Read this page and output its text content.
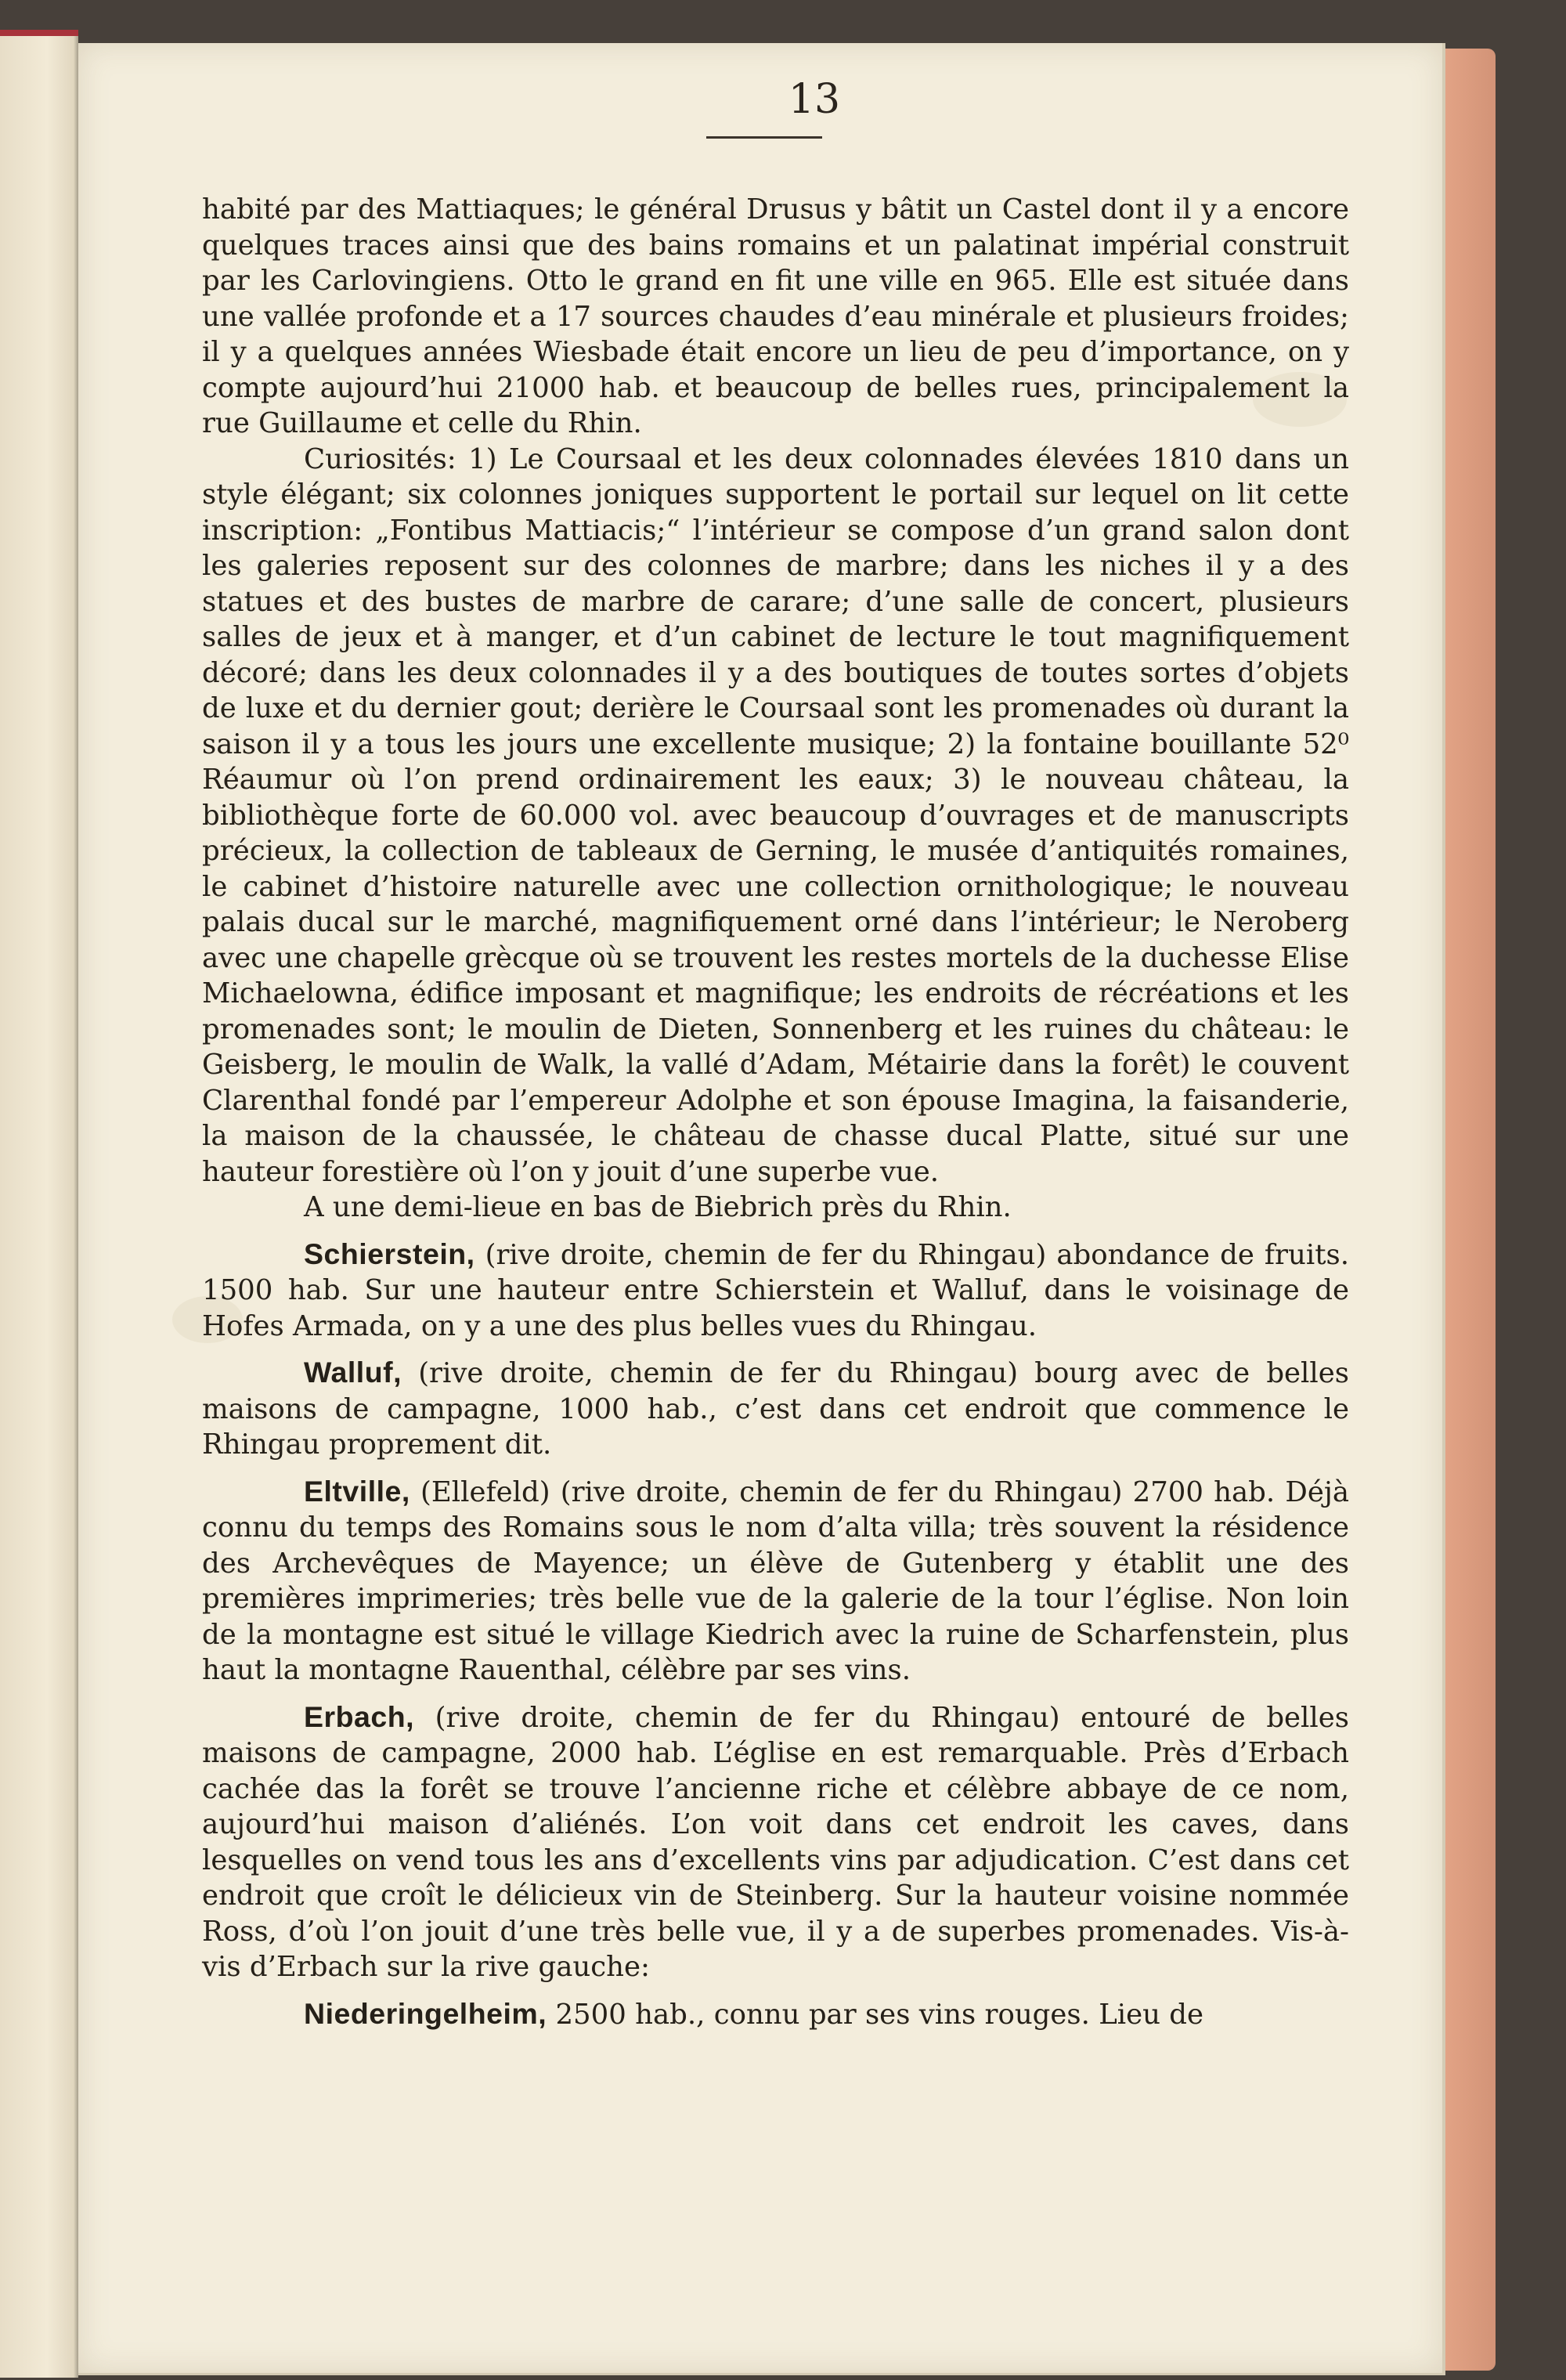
13

habité par des Mattiaques; le général Drusus y bâtit un Castel dont il y a encore quelques traces ainsi que des bains romains et un palatinat impérial construit par les Carlovingiens. Otto le grand en fit une ville en 965. Elle est située dans une vallée profonde et a 17 sources chaudes d’eau minérale et plusieurs froides; il y a quelques années Wiesbade était encore un lieu de peu d’importance, on y compte aujourd’hui 21000 hab. et beaucoup de belles rues, principalement la rue Guillaume et celle du Rhin.

Curiosités: 1) Le Coursaal et les deux colonnades élevées 1810 dans un style élégant; six colonnes joniques supportent le portail sur lequel on lit cette inscription: „Fontibus Mattiacis;“ l’intérieur se compose d’un grand salon dont les galeries reposent sur des colonnes de marbre; dans les niches il y a des statues et des bustes de marbre de carare; d’une salle de concert, plusieurs salles de jeux et à manger, et d’un cabinet de lecture le tout magnifiquement décoré; dans les deux colonnades il y a des boutiques de toutes sortes d’objets de luxe et du dernier gout; derière le Coursaal sont les promenades où durant la saison il y a tous les jours une excellente musique; 2) la fontaine bouillante 52⁰ Réaumur où l’on prend ordinairement les eaux; 3) le nouveau château, la bibliothèque forte de 60.000 vol. avec beaucoup d’ouvrages et de manuscripts précieux, la collection de tableaux de Gerning, le musée d’antiquités romaines, le cabinet d’histoire naturelle avec une collection ornithologique; le nouveau palais ducal sur le marché, magnifiquement orné dans l’intérieur; le Neroberg avec une chapelle grècque où se trouvent les restes mortels de la duchesse Elise Michaelowna, édifice imposant et magnifique; les endroits de récréations et les promenades sont; le moulin de Dieten, Sonnenberg et les ruines du château: le Geisberg, le moulin de Walk, la vallé d’Adam, Métairie dans la forêt) le couvent Clarenthal fondé par l’empereur Adolphe et son épouse Imagina, la faisanderie, la maison de la chaussée, le château de chasse ducal Platte, situé sur une hauteur forestière où l’on y jouit d’une superbe vue.

A une demi-lieue en bas de Biebrich près du Rhin.

Schierstein, (rive droite, chemin de fer du Rhingau) abondance de fruits. 1500 hab. Sur une hauteur entre Schierstein et Walluf, dans le voisinage de Hofes Armada, on y a une des plus belles vues du Rhingau.

Walluf, (rive droite, chemin de fer du Rhingau) bourg avec de belles maisons de campagne, 1000 hab., c’est dans cet endroit que commence le Rhingau proprement dit.

Eltville, (Ellefeld) (rive droite, chemin de fer du Rhingau) 2700 hab. Déjà connu du temps des Romains sous le nom d’alta villa; très souvent la résidence des Archevêques de Mayence; un élève de Gutenberg y établit une des premières imprimeries; très belle vue de la galerie de la tour l’église. Non loin de la montagne est situé le village Kiedrich avec la ruine de Scharfenstein, plus haut la montagne Rauenthal, célèbre par ses vins.

Erbach, (rive droite, chemin de fer du Rhingau) entouré de belles maisons de campagne, 2000 hab. L’église en est remarquable. Près d’Erbach cachée das la forêt se trouve l’ancienne riche et célèbre abbaye de ce nom, aujourd’hui maison d’aliénés. L’on voit dans cet endroit les caves, dans lesquelles on vend tous les ans d’excellents vins par adjudication. C’est dans cet endroit que croît le délicieux vin de Steinberg. Sur la hauteur voisine nommée Ross, d’où l’on jouit d’une très belle vue, il y a de superbes promenades. Vis-à-vis d’Erbach sur la rive gauche:

Niederingelheim, 2500 hab., connu par ses vins rouges. Lieu de
